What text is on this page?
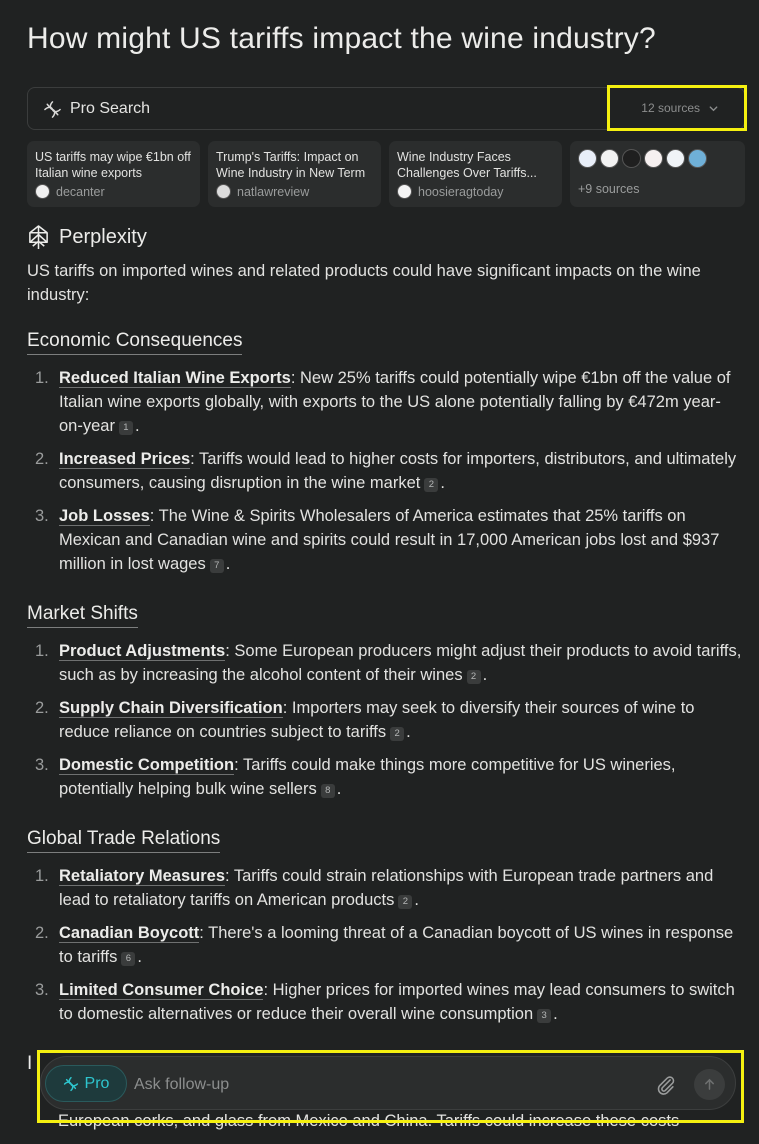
How might US tariffs impact the wine industry?
Pro Search	12 sources
US tariffs may wipe €1bn off Italian wine exports
decanter
Trump's Tariffs: Impact on Wine Industry in New Term
natlawreview
Wine Industry Faces Challenges Over Tariffs...
hoosieragtoday	+9 sources
Perplexity

US tariffs on imported wines and related products could have significant impacts on the wine industry:

Economic Consequences
1. Reduced Italian Wine Exports: New 25% tariffs could potentially wipe €1bn off the value of Italian wine exports globally, with exports to the US alone potentially falling by €472m year-on-year 1 .
2. Increased Prices: Tariffs would lead to higher costs for importers, distributors, and ultimately consumers, causing disruption in the wine market 2 .
3. Job Losses: The Wine & Spirits Wholesalers of America estimates that 25% tariffs on Mexican and Canadian wine and spirits could result in 17,000 American jobs lost and $937 million in lost wages 7 .
Market Shifts
1. Product Adjustments: Some European producers might adjust their products to avoid tariffs, such as by increasing the alcohol content of their wines 2 .
2. Supply Chain Diversification: Importers may seek to diversify their sources of wine to reduce reliance on countries subject to tariffs 2 .
3. Domestic Competition: Tariffs could make things more competitive for US wineries, potentially helping bulk wine sellers 8 .
Global Trade Relations
1. Retaliatory Measures: Tariffs could strain relationships with European trade partners and lead to retaliatory tariffs on American products 2 .
2. Canadian Boycott: There's a looming threat of a Canadian boycott of US wines in response to tariffs 6 .
3. Limited Consumer Choice: Higher prices for imported wines may lead consumers to switch to domestic alternatives or reduce their overall wine consumption 3 .
I
European corks, and glass from Mexico and China. Tariffs could increase these costs
Pro
Ask follow-up
